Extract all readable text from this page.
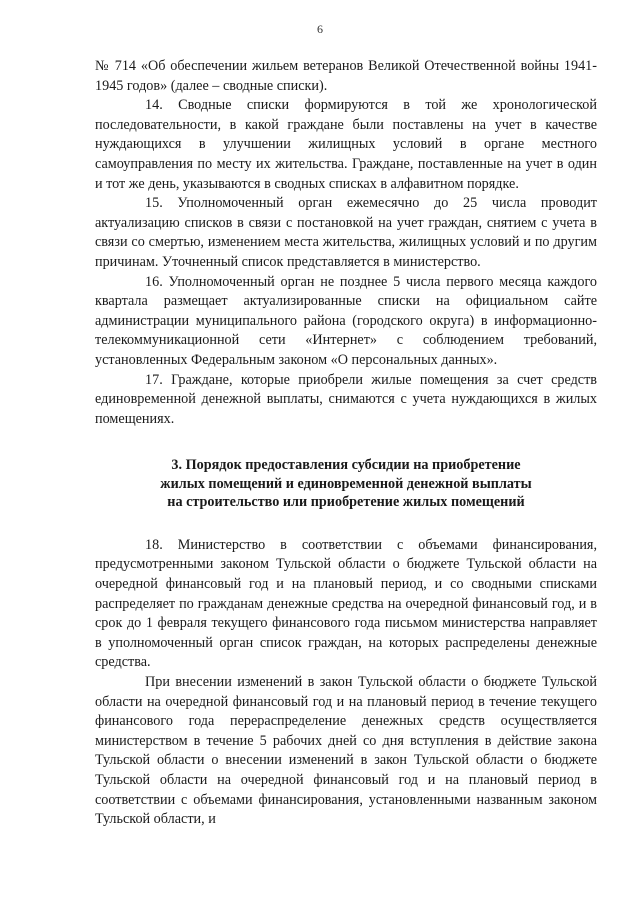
6

№ 714 «Об обеспечении жильем ветеранов Великой Отечественной войны 1941-1945 годов» (далее – сводные списки).

14. Сводные списки формируются в той же хронологической последовательности, в какой граждане были поставлены на учет в качестве нуждающихся в улучшении жилищных условий в органе местного самоуправления по месту их жительства. Граждане, поставленные на учет в один и тот же день, указываются в сводных списках в алфавитном порядке.

15. Уполномоченный орган ежемесячно до 25 числа проводит актуализацию списков в связи с постановкой на учет граждан, снятием с учета в связи со смертью, изменением места жительства, жилищных условий и по другим причинам. Уточненный список представляется в министерство.

16. Уполномоченный орган не позднее 5 числа первого месяца каждого квартала размещает актуализированные списки на официальном сайте администрации муниципального района (городского округа) в информационно-телекоммуникационной сети «Интернет» с соблюдением требований, установленных Федеральным законом «О персональных данных».

17. Граждане, которые приобрели жилые помещения за счет средств единовременной денежной выплаты, снимаются с учета нуждающихся в жилых помещениях.

3. Порядок предоставления субсидии на приобретение
жилых помещений и единовременной денежной выплаты
на строительство или приобретение жилых помещений

18. Министерство в соответствии с объемами финансирования, предусмотренными законом Тульской области о бюджете Тульской области на очередной финансовый год и на плановый период, и со сводными списками распределяет по гражданам денежные средства на очередной финансовый год, и в срок до 1 февраля текущего финансового года письмом министерства направляет в уполномоченный орган список граждан, на которых распределены денежные средства.

При внесении изменений в закон Тульской области о бюджете Тульской области на очередной финансовый год и на плановый период в течение текущего финансового года перераспределение денежных средств осуществляется министерством в течение 5 рабочих дней со дня вступления в действие закона Тульской области о внесении изменений в закон Тульской области о бюджете Тульской области на очередной финансовый год и на плановый период в соответствии с объемами финансирования, установленными названным законом Тульской области, и
